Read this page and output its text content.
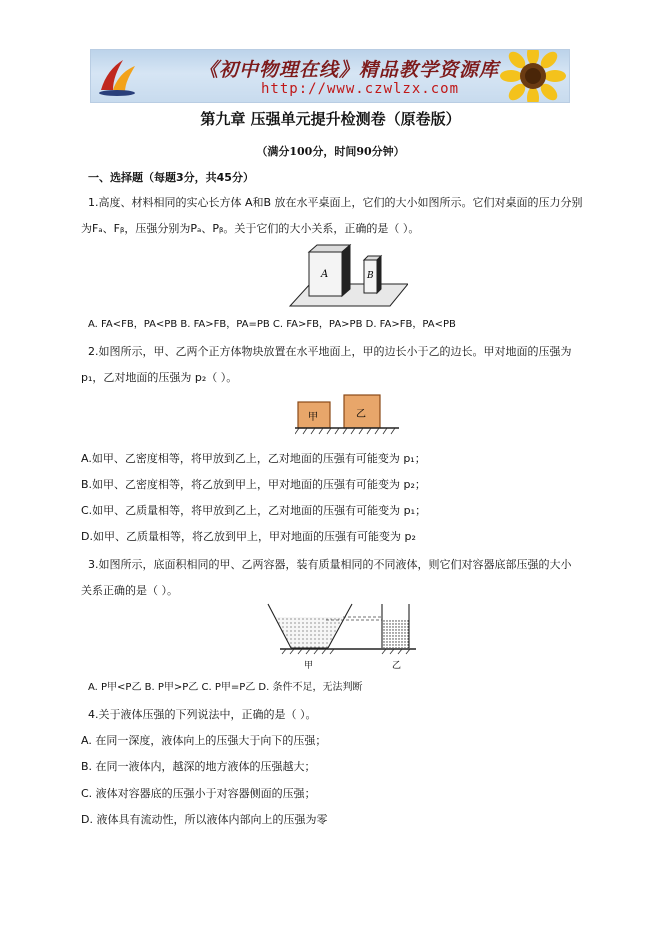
《初中物理在线》精品教学资源库
http://www.czwlzx.com
第九章 压强单元提升检测卷（原卷版）
（满分100分，时间90分钟）
一、选择题（每题3分，共45分）
1.高度、材料相同的实心长方体 A和B 放在水平桌面上，它们的大小如图所示。它们对桌面的压力分别
为Fₐ、Fᵦ，压强分别为Pₐ、Pᵦ。关于它们的大小关系，正确的是（ ）。
A	B
A. FA<FB，PA<PB B. FA>FB，PA=PB C. FA>FB，PA>PB D. FA>FB，PA<PB
2.如图所示，甲、乙两个正方体物块放置在水平地面上，甲的边长小于乙的边长。甲对地面的压强为
p₁，乙对地面的压强为 p₂（ ）。
甲	乙
A.如甲、乙密度相等，将甲放到乙上，乙对地面的压强有可能变为 p₁；
B.如甲、乙密度相等，将乙放到甲上，甲对地面的压强有可能变为 p₂；
C.如甲、乙质量相等，将甲放到乙上，乙对地面的压强有可能变为 p₁；
D.如甲、乙质量相等，将乙放到甲上，甲对地面的压强有可能变为 p₂
3.如图所示，底面积相同的甲、乙两容器，装有质量相同的不同液体，则它们对容器底部压强的大小
关系正确的是（ ）。
甲	乙
A. P甲<P乙 B. P甲>P乙 C. P甲=P乙 D. 条件不足，无法判断
4.关于液体压强的下列说法中，正确的是（ ）。
A. 在同一深度，液体向上的压强大于向下的压强；
B. 在同一液体内，越深的地方液体的压强越大；
C. 液体对容器底的压强小于对容器侧面的压强；
D. 液体具有流动性，所以液体内部向上的压强为零
